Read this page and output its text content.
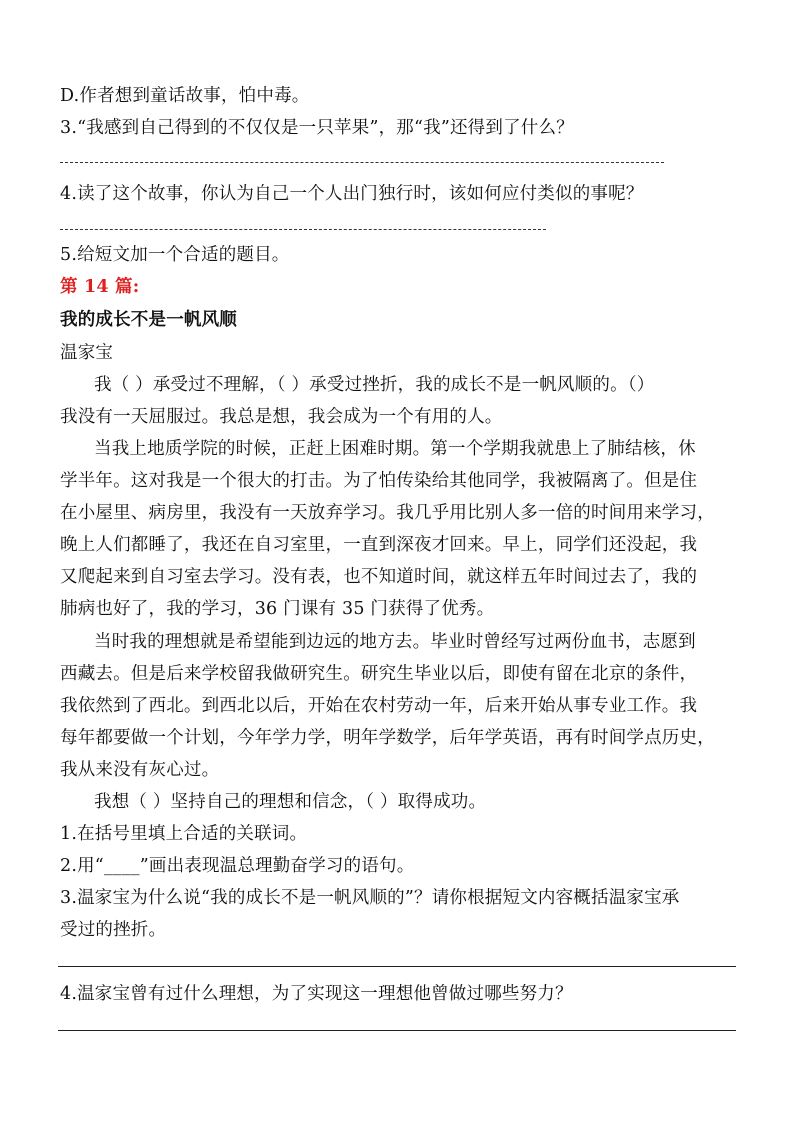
D.作者想到童话故事，怕中毒。
3.“我感到自己得到的不仅仅是一只苹果”，那“我”还得到了什么？
4.读了这个故事，你认为自己一个人出门独行时，该如何应付类似的事呢？
5.给短文加一个合适的题目。
第 14 篇:
我的成长不是一帆风顺
温家宝
我（ ）承受过不理解，（ ）承受过挫折，我的成长不是一帆风顺的。（）
我没有一天屈服过。我总是想，我会成为一个有用的人。
当我上地质学院的时候，正赶上困难时期。第一个学期我就患上了肺结核，休
学半年。这对我是一个很大的打击。为了怕传染给其他同学，我被隔离了。但是住
在小屋里、病房里，我没有一天放弃学习。我几乎用比别人多一倍的时间用来学习，
晚上人们都睡了，我还在自习室里，一直到深夜才回来。早上，同学们还没起，我
又爬起来到自习室去学习。没有表，也不知道时间，就这样五年时间过去了，我的
肺病也好了，我的学习，36 门课有 35 门获得了优秀。
当时我的理想就是希望能到边远的地方去。毕业时曾经写过两份血书，志愿到
西藏去。但是后来学校留我做研究生。研究生毕业以后，即使有留在北京的条件，
我依然到了西北。到西北以后，开始在农村劳动一年，后来开始从事专业工作。我
每年都要做一个计划，今年学力学，明年学数学，后年学英语，再有时间学点历史，
我从来没有灰心过。
我想（ ）坚持自己的理想和信念，（ ）取得成功。
1.在括号里填上合适的关联词。
2.用“____”画出表现温总理勤奋学习的语句。
3.温家宝为什么说“我的成长不是一帆风顺的”？请你根据短文内容概括温家宝承
受过的挫折。
4.温家宝曾有过什么理想，为了实现这一理想他曾做过哪些努力？
